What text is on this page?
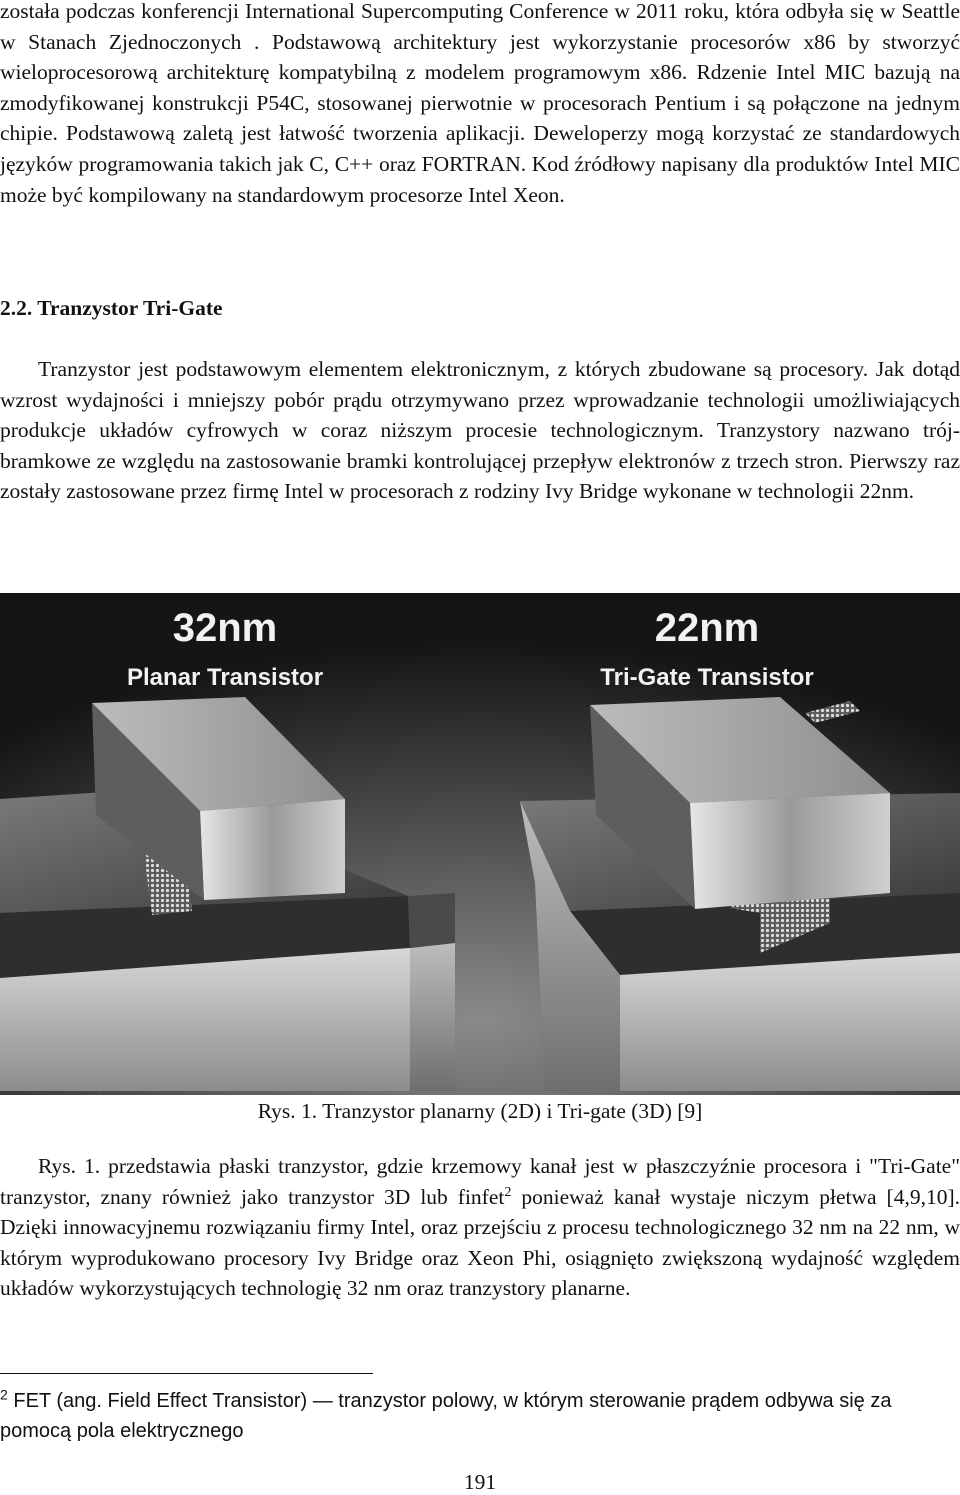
została podczas konferencji International Supercomputing Conference w 2011 roku, która odbyła się w Seattle w Stanach Zjednoczonych . Podstawową architektury jest wykorzystanie procesorów x86 by stworzyć wieloprocesorową architekturę kompatybilną z modelem programowym x86. Rdzenie Intel MIC bazują na zmodyfikowanej konstrukcji P54C, stosowanej pierwotnie w procesorach Pentium i są połączone na jednym chipie. Podstawową zaletą jest łatwość tworzenia aplikacji. Deweloperzy mogą korzystać ze standardowych języków programowania takich jak C, C++ oraz FORTRAN. Kod źródłowy napisany dla produktów Intel MIC może być kompilowany na standardowym procesorze Intel Xeon.

2.2. Tranzystor Tri-Gate

Tranzystor jest podstawowym elementem elektronicznym, z których zbudowane są procesory. Jak dotąd wzrost wydajności i mniejszy pobór prądu otrzymywano przez wprowadzanie technologii umożliwiających produkcje układów cyfrowych w coraz niższym procesie technologicznym. Tranzystory nazwano trój-bramkowe ze względu na zastosowanie bramki kontrolującej przepływ elektronów z trzech stron. Pierwszy raz zostały zastosowane przez firmę Intel w procesorach z rodziny Ivy Bridge wykonane w technologii 22nm.

32nm
Planar Transistor
22nm
Tri-Gate Transistor
Rys. 1. Tranzystor planarny (2D) i Tri-gate (3D) [9]

Rys. 1. przedstawia płaski tranzystor, gdzie krzemowy kanał jest w płaszczyźnie procesora i "Tri-Gate" tranzystor, znany również jako tranzystor 3D lub finfet$^2$ ponieważ kanał wystaje niczym płetwa [4,9,10]. Dzięki innowacyjnemu rozwiązaniu firmy Intel, oraz przejściu z procesu technologicznego 32 nm na 22 nm, w którym wyprodukowano procesory Ivy Bridge oraz Xeon Phi, osiągnięto zwiększoną wydajność względem układów wykorzystujących technologię 32 nm oraz tranzystory planarne.

$^2$ FET (ang. Field Effect Transistor) — tranzystor polowy, w którym sterowanie prądem odbywa się za pomocą pola elektrycznego
191
